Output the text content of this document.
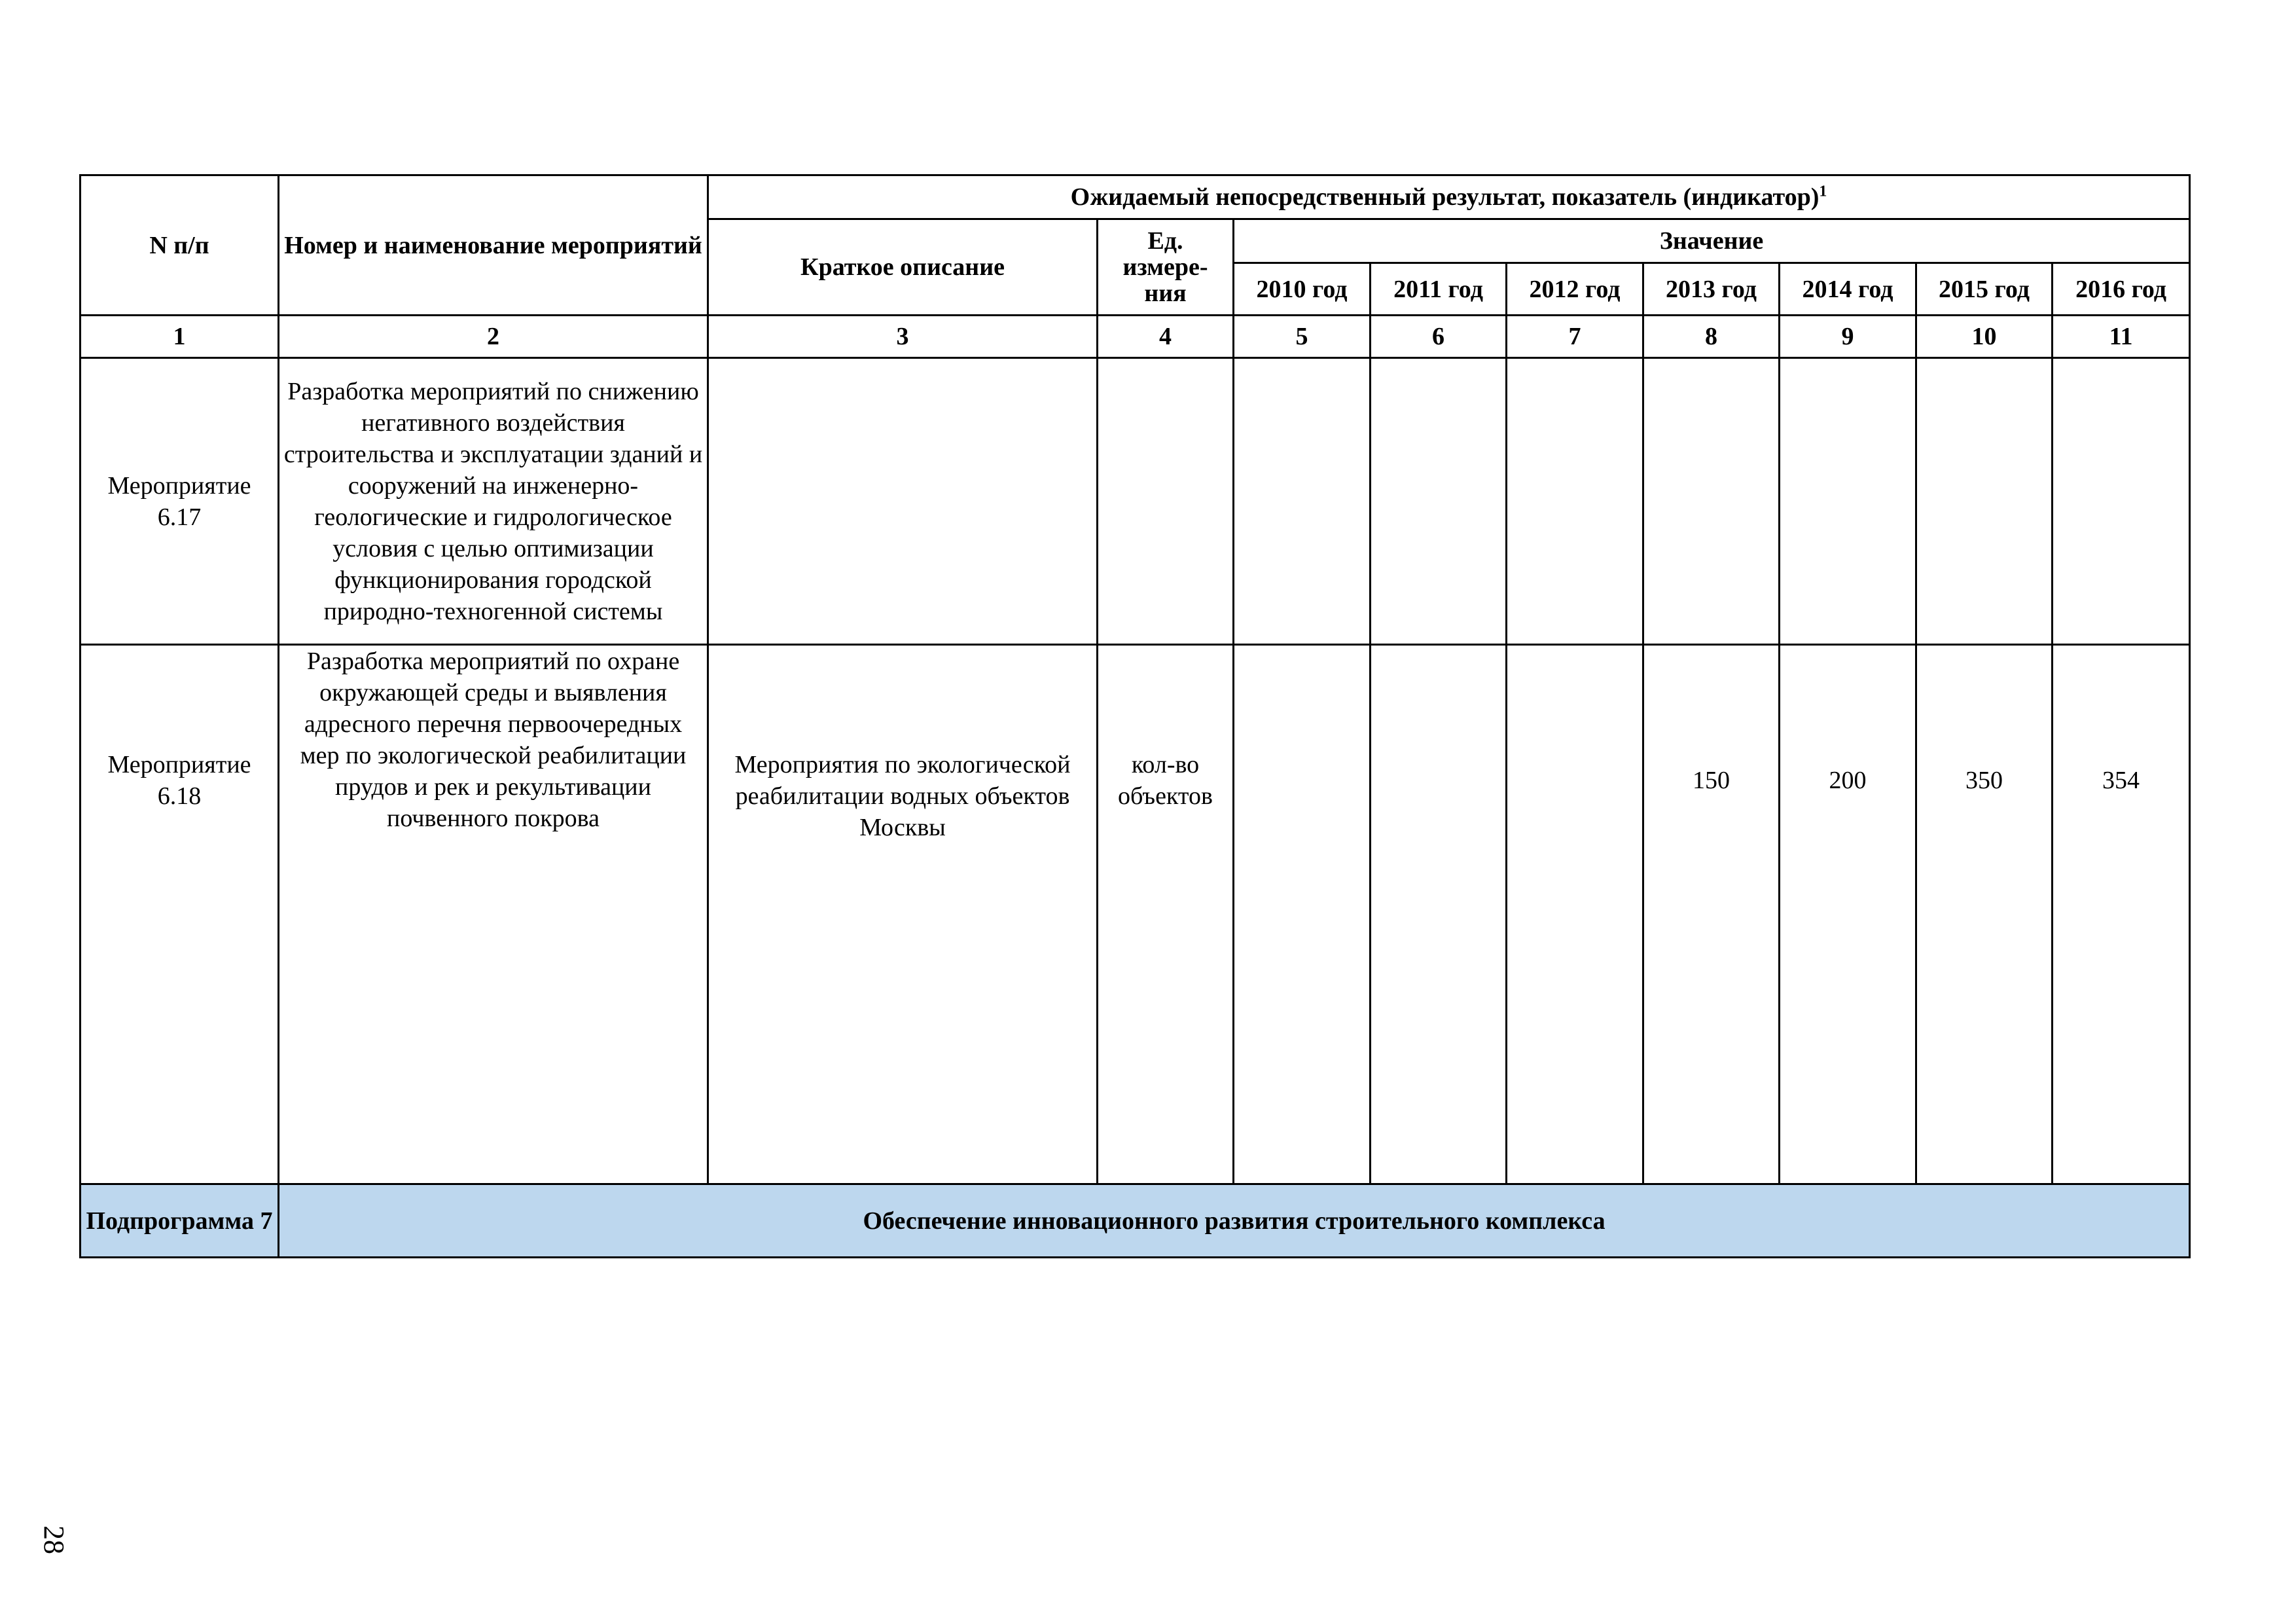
N п/п	Номер и наименование мероприятий	Ожидаемый непосредственный результат, показатель (индикатор)$^1$
		Краткое описание	Ед. измере-ния	Значение						
				2010 год	2011 год	2012 год	2013 год	2014 год	2015 год	2016 год
1	2	3	4	5	6	7	8	9	10	11
Мероприятие 6.17	Разработка мероприятий по снижению негативного воздействия строительства и эксплуатации зданий и сооружений на инженерно-геологические и гидрологическое условия с целью оптимизации функционирования городской природно-техногенной системы									
Мероприятие 6.18	Разработка мероприятий по охране окружающей среды и выявления адресного перечня первоочередных мер по экологической реабилитации прудов и рек и рекультивации почвенного покрова	Мероприятия по экологической реабилитации водных объектов Москвы	кол-во объектов				150	200	350	354
Подпрограмма 7	Обеспечение инновационного развития строительного комплекса									
28
